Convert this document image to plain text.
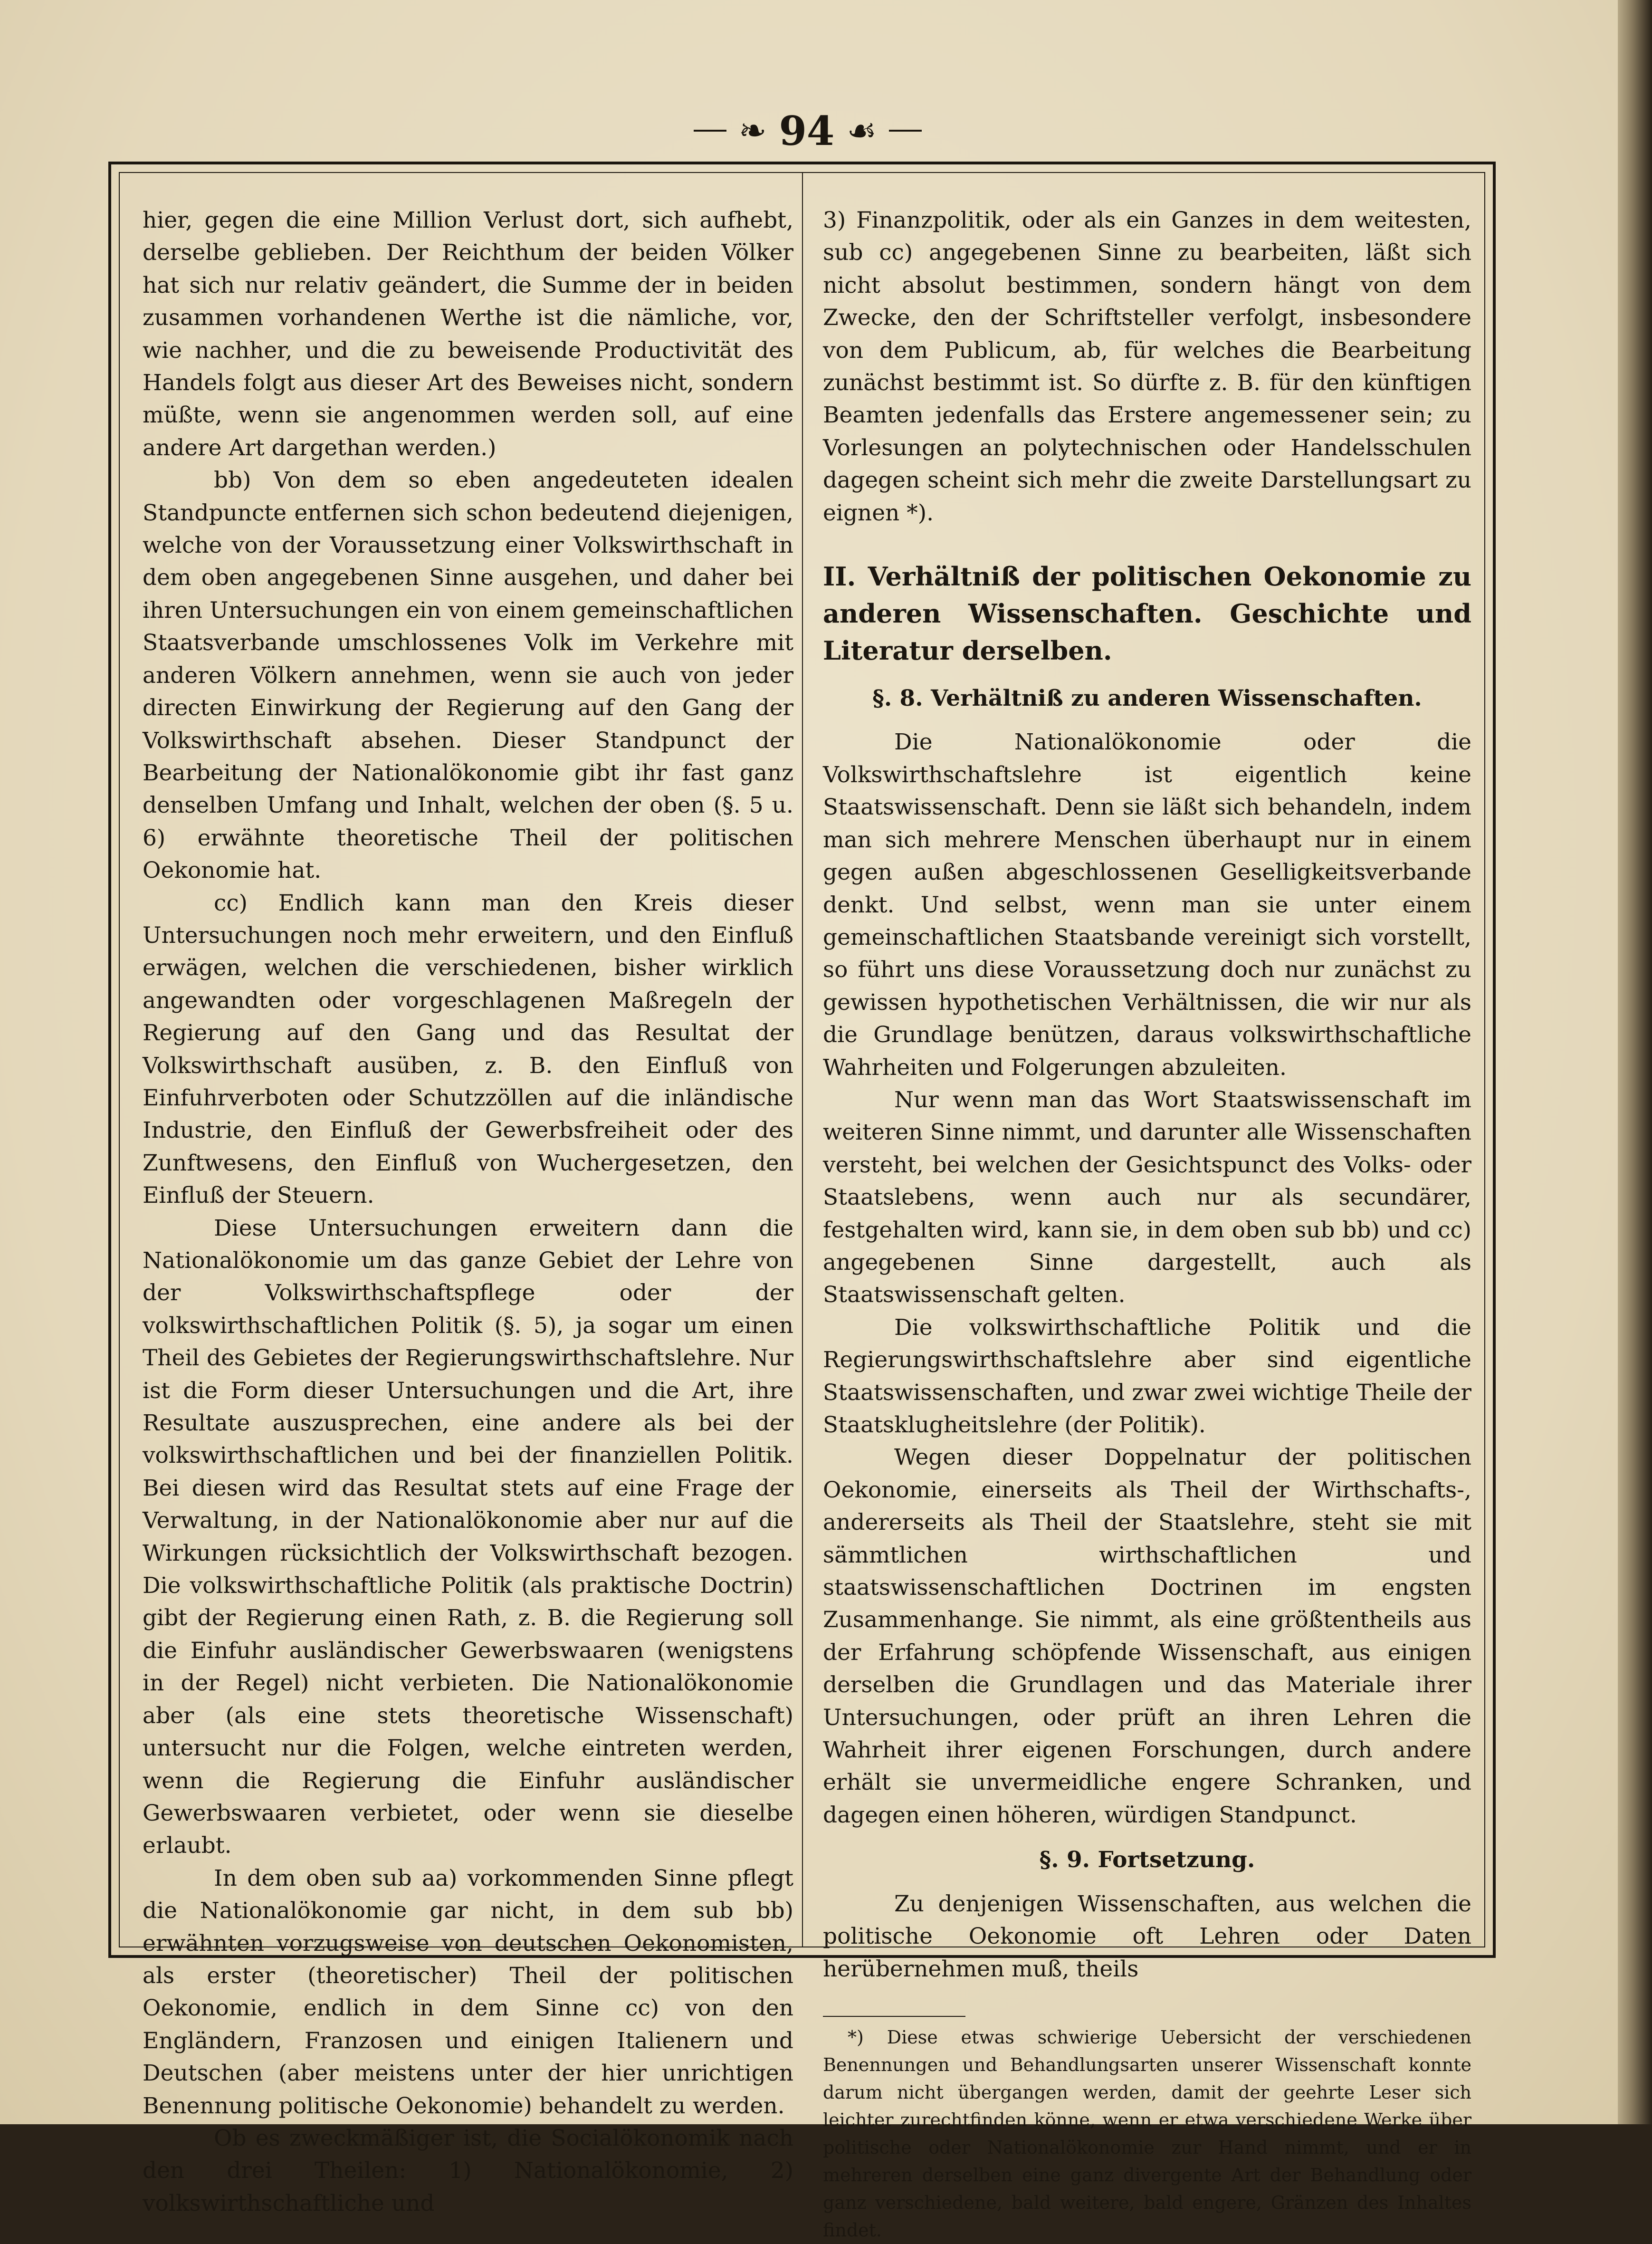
❧ 94 ☙

hier, gegen die eine Million Verlust dort, sich aufhebt, derselbe geblieben. Der Reichthum der beiden Völker hat sich nur relativ geändert, die Summe der in beiden zusammen vorhandenen Werthe ist die nämliche, vor, wie nachher, und die zu beweisende Productivität des Handels folgt aus dieser Art des Beweises nicht, sondern müßte, wenn sie angenommen werden soll, auf eine andere Art dargethan werden.)

bb) Von dem so eben angedeuteten idealen Standpuncte entfernen sich schon bedeutend diejenigen, welche von der Voraussetzung einer Volkswirthschaft in dem oben angegebenen Sinne ausgehen, und daher bei ihren Untersuchungen ein von einem gemeinschaftlichen Staatsverbande umschlossenes Volk im Verkehre mit anderen Völkern annehmen, wenn sie auch von jeder directen Einwirkung der Regierung auf den Gang der Volkswirthschaft absehen. Dieser Standpunct der Bearbeitung der Nationalökonomie gibt ihr fast ganz denselben Umfang und Inhalt, welchen der oben (§. 5 u. 6) erwähnte theoretische Theil der politischen Oekonomie hat.

cc) Endlich kann man den Kreis dieser Untersuchungen noch mehr erweitern, und den Einfluß erwägen, welchen die verschiedenen, bisher wirklich angewandten oder vorgeschlagenen Maßregeln der Regierung auf den Gang und das Resultat der Volkswirthschaft ausüben, z. B. den Einfluß von Einfuhrverboten oder Schutzzöllen auf die inländische Industrie, den Einfluß der Gewerbsfreiheit oder des Zunftwesens, den Einfluß von Wuchergesetzen, den Einfluß der Steuern.

Diese Untersuchungen erweitern dann die Nationalökonomie um das ganze Gebiet der Lehre von der Volkswirthschaftspflege oder der volkswirthschaftlichen Politik (§. 5), ja sogar um einen Theil des Gebietes der Regierungswirthschaftslehre. Nur ist die Form dieser Untersuchungen und die Art, ihre Resultate auszusprechen, eine andere als bei der volkswirthschaftlichen und bei der finanziellen Politik. Bei diesen wird das Resultat stets auf eine Frage der Verwaltung, in der Nationalökonomie aber nur auf die Wirkungen rücksichtlich der Volkswirthschaft bezogen. Die volkswirthschaftliche Politik (als praktische Doctrin) gibt der Regierung einen Rath, z. B. die Regierung soll die Einfuhr ausländischer Gewerbswaaren (wenigstens in der Regel) nicht verbieten. Die Nationalökonomie aber (als eine stets theoretische Wissenschaft) untersucht nur die Folgen, welche eintreten werden, wenn die Regierung die Einfuhr ausländischer Gewerbswaaren verbietet, oder wenn sie dieselbe erlaubt.

In dem oben sub aa) vorkommenden Sinne pflegt die Nationalökonomie gar nicht, in dem sub bb) erwähnten vorzugsweise von deutschen Oekonomisten, als erster (theoretischer) Theil der politischen Oekonomie, endlich in dem Sinne cc) von den Engländern, Franzosen und einigen Italienern und Deutschen (aber meistens unter der hier unrichtigen Benennung politische Oekonomie) behandelt zu werden.

Ob es zweckmäßiger ist, die Socialökonomik nach den drei Theilen: 1) Nationalökonomie, 2) volkswirthschaftliche und

3) Finanzpolitik, oder als ein Ganzes in dem weitesten, sub cc) angegebenen Sinne zu bearbeiten, läßt sich nicht absolut bestimmen, sondern hängt von dem Zwecke, den der Schriftsteller verfolgt, insbesondere von dem Publicum, ab, für welches die Bearbeitung zunächst bestimmt ist. So dürfte z. B. für den künftigen Beamten jedenfalls das Erstere angemessener sein; zu Vorlesungen an polytechnischen oder Handelsschulen dagegen scheint sich mehr die zweite Darstellungsart zu eignen *).

II. Verhältniß der politischen Oekonomie zu anderen Wissenschaften. Geschichte und Literatur derselben.
§. 8. Verhältniß zu anderen Wissenschaften.

Die Nationalökonomie oder die Volkswirthschaftslehre ist eigentlich keine Staatswissenschaft. Denn sie läßt sich behandeln, indem man sich mehrere Menschen überhaupt nur in einem gegen außen abgeschlossenen Geselligkeitsverbande denkt. Und selbst, wenn man sie unter einem gemeinschaftlichen Staatsbande vereinigt sich vorstellt, so führt uns diese Voraussetzung doch nur zunächst zu gewissen hypothetischen Verhältnissen, die wir nur als die Grundlage benützen, daraus volkswirthschaftliche Wahrheiten und Folgerungen abzuleiten.

Nur wenn man das Wort Staatswissenschaft im weiteren Sinne nimmt, und darunter alle Wissenschaften versteht, bei welchen der Gesichtspunct des Volks- oder Staatslebens, wenn auch nur als secundärer, festgehalten wird, kann sie, in dem oben sub bb) und cc) angegebenen Sinne dargestellt, auch als Staatswissenschaft gelten.

Die volkswirthschaftliche Politik und die Regierungswirthschaftslehre aber sind eigentliche Staatswissenschaften, und zwar zwei wichtige Theile der Staatsklugheitslehre (der Politik).

Wegen dieser Doppelnatur der politischen Oekonomie, einerseits als Theil der Wirthschafts-, andererseits als Theil der Staatslehre, steht sie mit sämmtlichen wirthschaftlichen und staatswissenschaftlichen Doctrinen im engsten Zusammenhange. Sie nimmt, als eine größtentheils aus der Erfahrung schöpfende Wissenschaft, aus einigen derselben die Grundlagen und das Materiale ihrer Untersuchungen, oder prüft an ihren Lehren die Wahrheit ihrer eigenen Forschungen, durch andere erhält sie unvermeidliche engere Schranken, und dagegen einen höheren, würdigen Standpunct.

§. 9. Fortsetzung.

Zu denjenigen Wissenschaften, aus welchen die politische Oekonomie oft Lehren oder Daten herübernehmen muß, theils

*) Diese etwas schwierige Uebersicht der verschiedenen Benennungen und Behandlungsarten unserer Wissenschaft konnte darum nicht übergangen werden, damit der geehrte Leser sich leichter zurechtfinden könne, wenn er etwa verschiedene Werke über politische oder Nationalökonomie zur Hand nimmt, und er in mehreren derselben eine ganz divergente Art der Behandlung oder ganz verschiedene, bald weitere, bald engere, Gränzen des Inhaltes findet.
